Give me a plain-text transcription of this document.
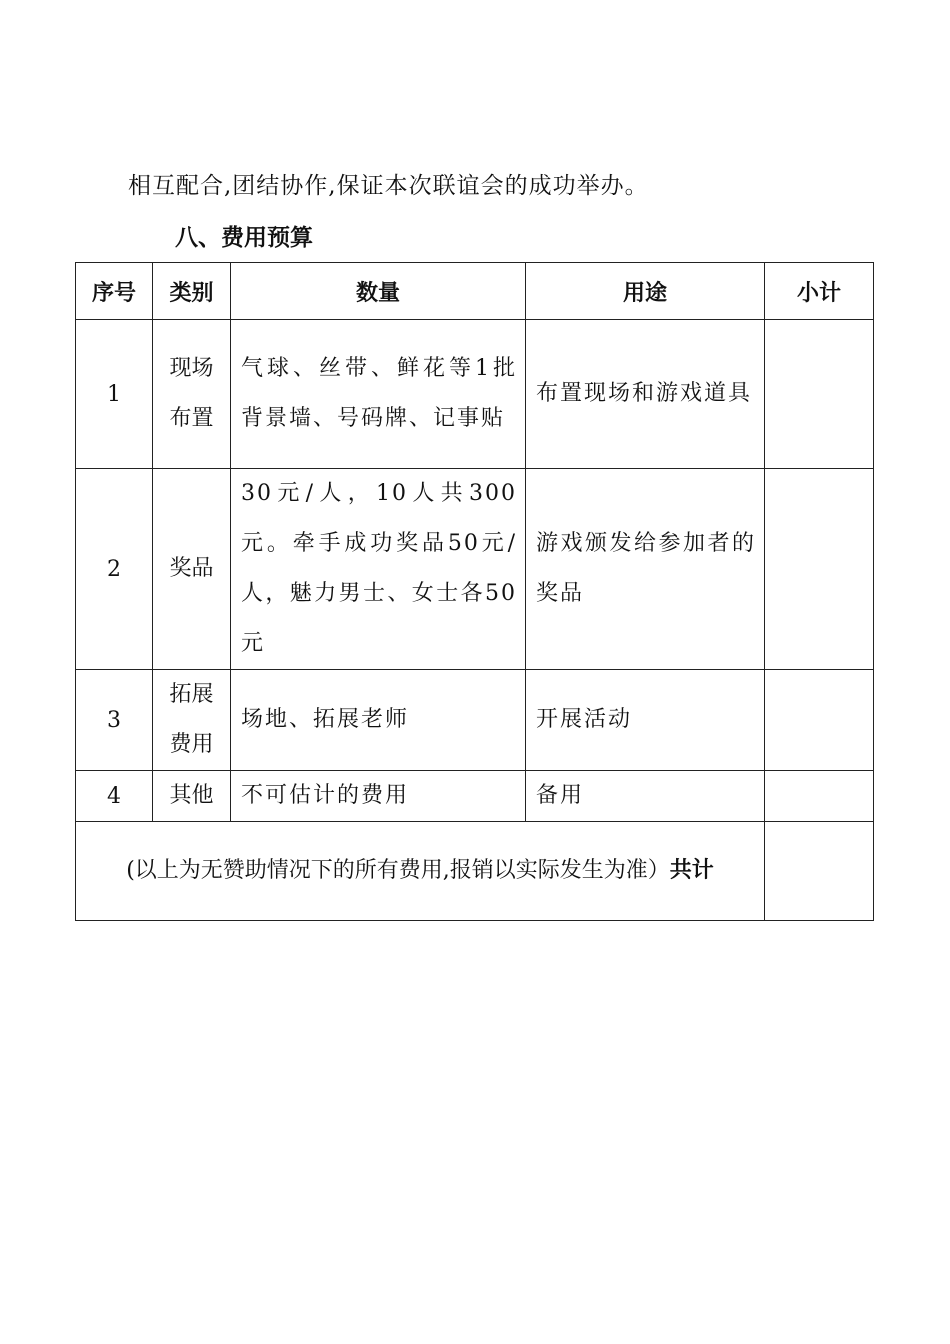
相互配合,团结协作,保证本次联谊会的成功举办。
八、费用预算
序号	类别	数量	用途	小计
1	现场布置	气球、丝带、鲜花等1批背景墙、号码牌、记事贴	布置现场和游戏道具	
2	奖品	30元/人，10人共300元。牵手成功奖品50元/人，魅力男士、女士各50元	游戏颁发给参加者的奖品	
3	拓展费用	场地、拓展老师	开展活动	
4	其他	不可估计的费用	备用	
(以上为无赞助情况下的所有费用,报销以实际发生为准）共计				
